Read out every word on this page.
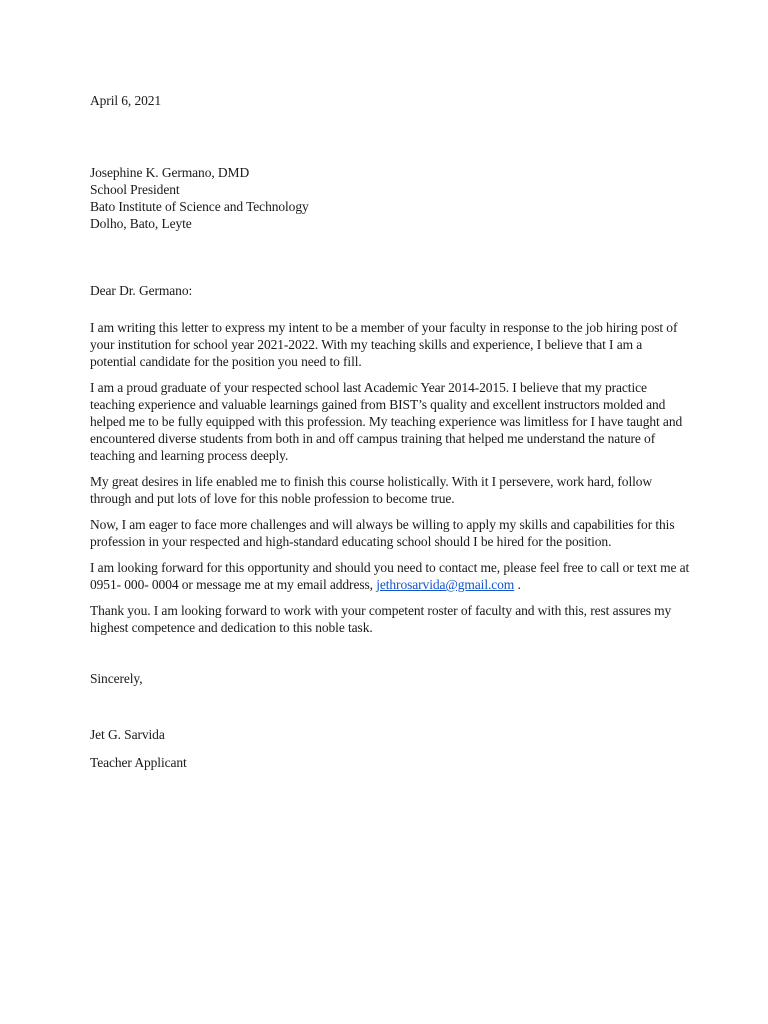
April 6, 2021

Josephine K. Germano, DMD
School President
Bato Institute of Science and Technology
Dolho, Bato, Leyte

Dear Dr. Germano:

I am writing this letter to express my intent to be a member of your faculty in response to the job hiring post of your institution for school year 2021-2022. With my teaching skills and experience, I believe that I am a potential candidate for the position you need to fill.

I am a proud graduate of your respected school last Academic Year 2014-2015. I believe that my practice teaching experience and valuable learnings gained from BIST’s quality and excellent instructors molded and helped me to be fully equipped with this profession. My teaching experience was limitless for I have taught and encountered diverse students from both in and off campus training that helped me understand the nature of teaching and learning process deeply.

My great desires in life enabled me to finish this course holistically. With it I persevere, work hard, follow through and put lots of love for this noble profession to become true.

Now, I am eager to face more challenges and will always be willing to apply my skills and capabilities for this profession in your respected and high-standard educating school should I be hired for the position.

I am looking forward for this opportunity and should you need to contact me, please feel free to call or text me at 0951- 000- 0004 or message me at my email address, jethrosarvida@gmail.com .

Thank you. I am looking forward to work with your competent roster of faculty and with this, rest assures my highest competence and dedication to this noble task.

Sincerely,

Jet G. Sarvida

Teacher Applicant
